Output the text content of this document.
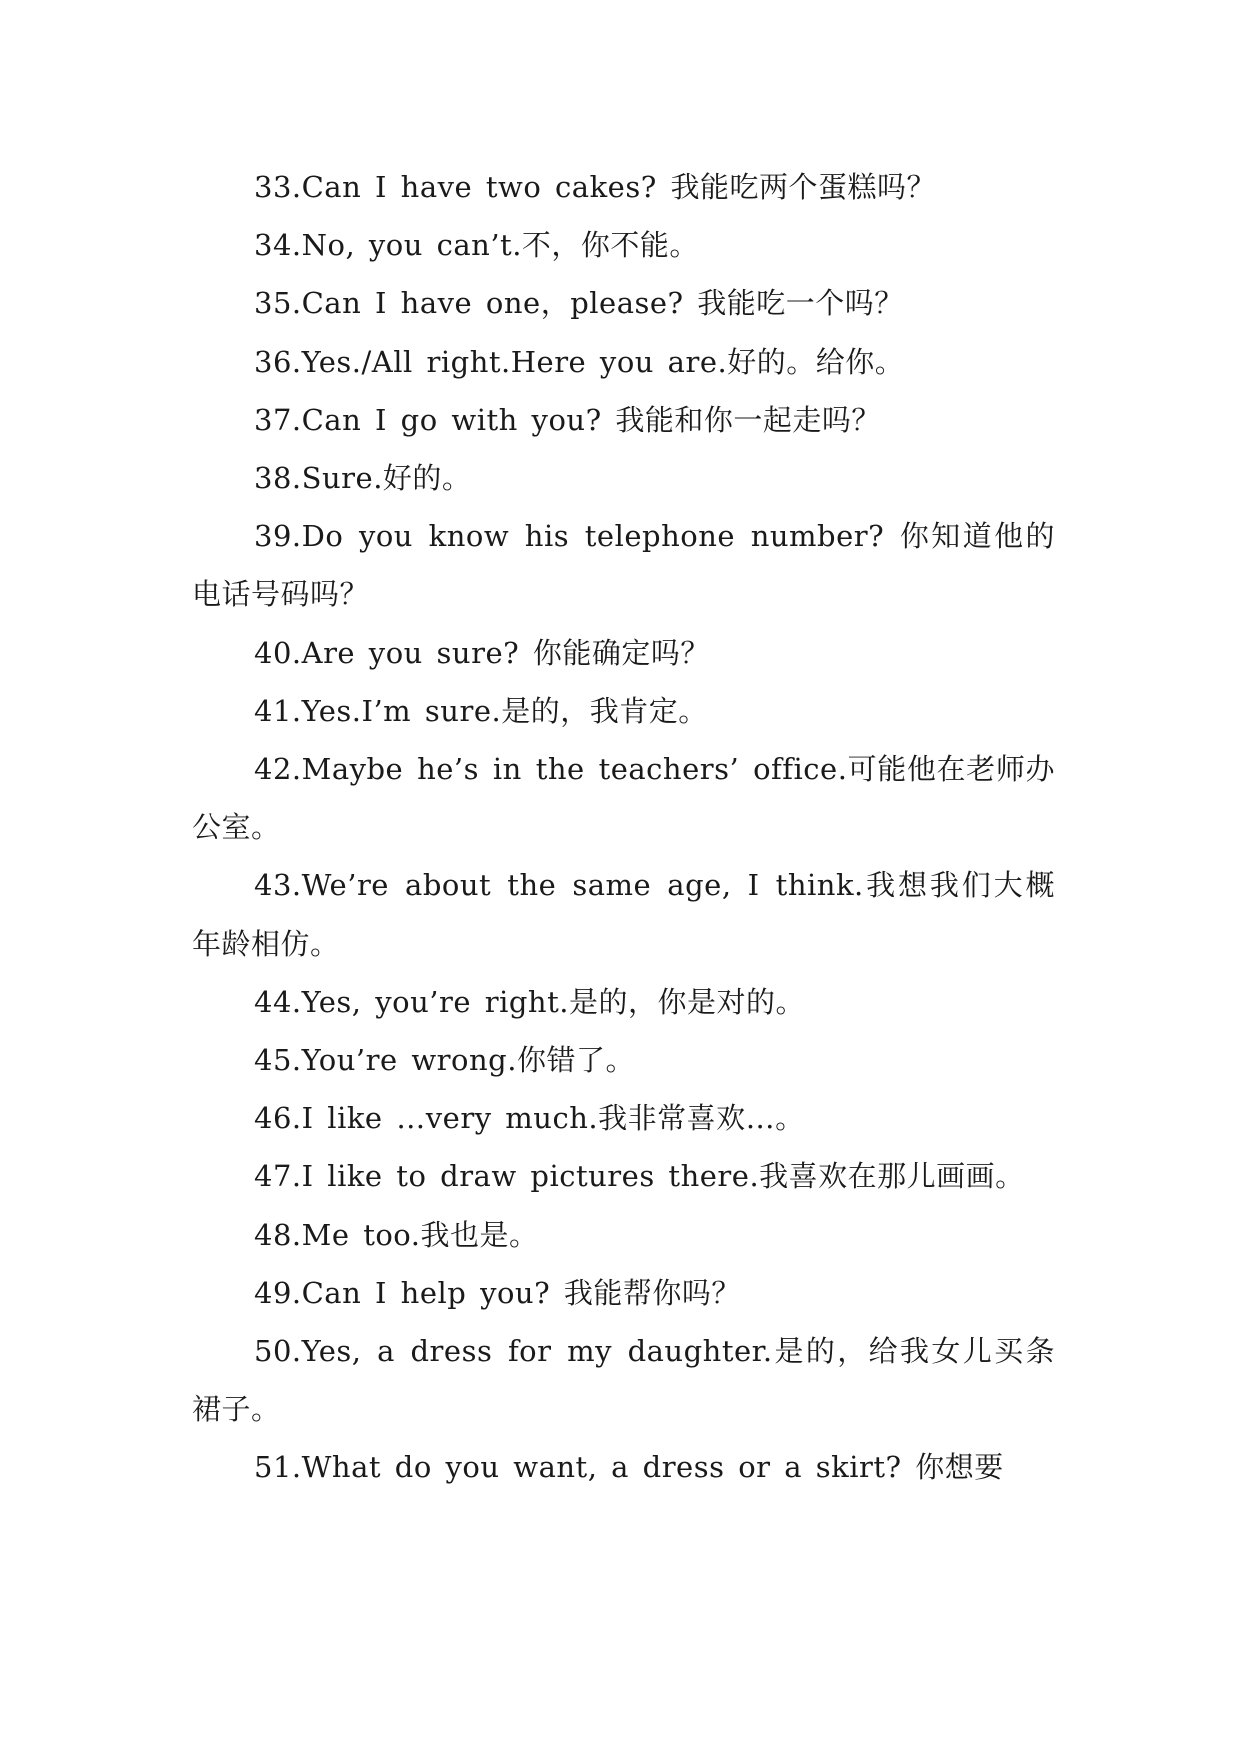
33.Can I have two cakes? 我能吃两个蛋糕吗？

34.No, you can’t.不，你不能。

35.Can I have one，please? 我能吃一个吗？

36.Yes./All right.Here you are.好的。给你。

37.Can I go with you? 我能和你一起走吗？

38.Sure.好的。

39.Do you know his telephone number? 你知道他的电话号码吗？

40.Are you sure? 你能确定吗？

41.Yes.I’m sure.是的，我肯定。

42.Maybe he’s in the teachers’ office.可能他在老师办公室。

43.We’re about the same age, I think.我想我们大概年龄相仿。

44.Yes, you’re right.是的，你是对的。

45.You’re wrong.你错了。

46.I like …very much.我非常喜欢…。

47.I like to draw pictures there.我喜欢在那儿画画。

48.Me too.我也是。

49.Can I help you? 我能帮你吗？

50.Yes, a dress for my daughter.是的，给我女儿买条裙子。

51.What do you want, a dress or a skirt? 你想要
